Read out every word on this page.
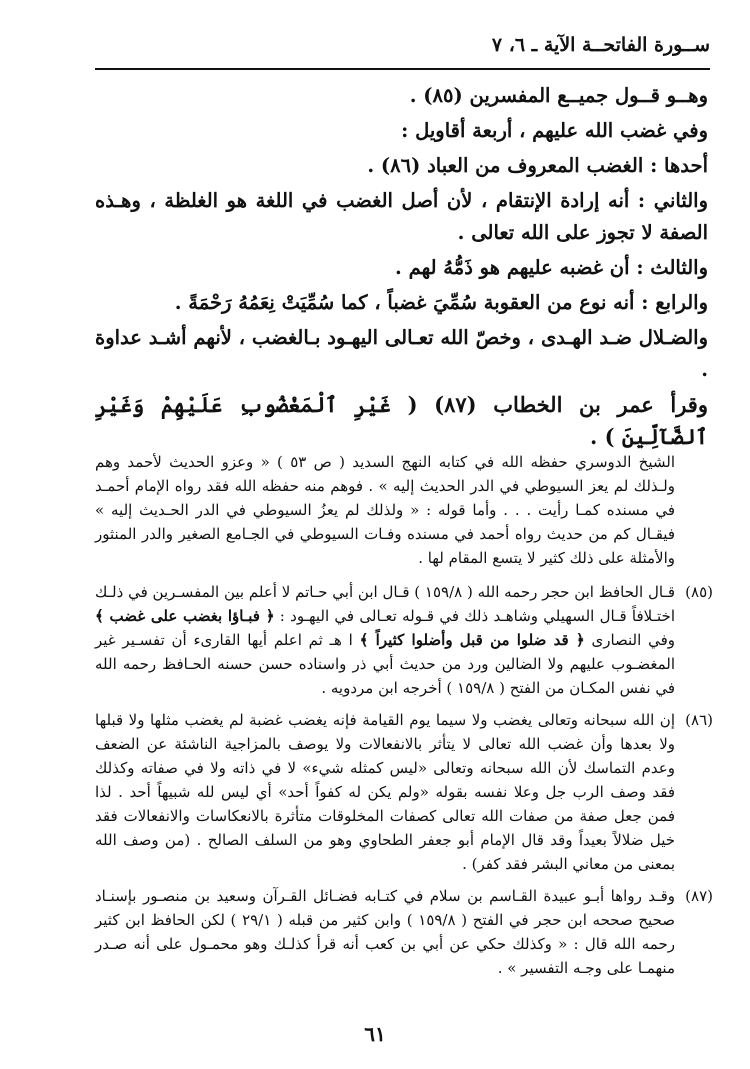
ســورة الفاتحــة الآية ـ ٦، ٧

وهــو قــول جميــع المفسرين (٨٥) .

وفي غضب الله عليهم ، أربعة أقاويل :

أحدها : الغضب المعروف من العباد (٨٦) .

والثاني : أنه إرادة الإنتقام ، لأن أصل الغضب في اللغة هو الغلظة ، وهـذه الصفة لا تجوز على الله تعالى .

والثالث : أن غضبه عليهم هو ذَمُّهُ لهم .

والرابع : أنه نوع من العقوبة سُمِّيَ غضباً ، كما سُمِّيَتْ نِعَمُهُ رَحْمَةً .

والضـلال ضـد الهـدى ، وخصّ الله تعـالى اليهـود بـالغضب ، لأنهم أشـد عداوة .

وقرأ عمر بن الخطاب (٨٧) ( غَيْرِ ٱلْمَغْضُوبِ عَلَيْهِمْ وَغَيْرِ ٱلضَّآلِّينَ ) .

الشيخ الدوسري حفظه الله في كتابه النهج السديد ( ص ٥٣ ) « وعزو الحديث لأحمد وهم ولـذلك لم يعز السيوطي في الدر الحديث إليه » . فوهم منه حفظه الله فقد رواه الإمام أحمـد في مسنده كمـا رأيت . . . وأما قوله : « ولذلك لم يعزُ السيوطي في الدر الحـديث إليه » فيقـال كم من حديث رواه أحمد في مسنده وفـات السيوطي في الجـامع الصغير والدر المنثور والأمثلة على ذلك كثير لا يتسع المقام لها .

(٨٥)
قـال الحافظ ابن حجر رحمه الله ( ١٥٩/٨ ) قـال ابن أبي حـاتم لا أعلم بين المفسـرين في ذلـك اختـلافاً قـال السهيلي وشاهـد ذلك في قـوله تعـالى في اليهـود : ﴿ فبـاؤا بغضب على غضب ﴾ وفي النصارى ﴿ قد ضلوا من قبل وأضلوا كثيراً ﴾ ا هـ ثم اعلم أيها القارىء أن تفسـير غير المغضـوب عليهم ولا الضالين ورد من حديث أبي ذر واسناده حسن حسنه الحـافظ رحمه الله في نفس المكـان من الفتح ( ١٥٩/٨ ) أخرجه ابن مردويه .
(٨٦)
إن الله سبحانه وتعالى يغضب ولا سيما يوم القيامة فإنه يغضب غضبة لم يغضب مثلها ولا قبلها ولا بعدها وأن غضب الله تعالى لا يتأثر بالانفعالات ولا يوصف بالمزاجية الناشئة عن الضعف وعدم التماسك لأن الله سبحانه وتعالى «ليس كمثله شيء» لا في ذاته ولا في صفاته وكذلك فقد وصف الرب جل وعلا نفسه بقوله «ولم يكن له كفواً أحد» أي ليس لله شبيهاً أحد . لذا فمن جعل صفة من صفات الله تعالى كصفات المخلوقات متأثرة بالانعكاسات والانفعالات فقد خيل ضلالاً بعيداً وقد قال الإمام أبو جعفر الطحاوي وهو من السلف الصالح . (من وصف الله بمعنى من معاني البشر فقد كفر) .
(٨٧)
وقـد رواها أبـو عبيدة القـاسم بن سلام في كتـابه فضـائل القـرآن وسعيد بن منصـور بإسنـاد صحيح صححه ابن حجر في الفتح ( ١٥٩/٨ ) وابن كثير من قبله ( ٢٩/١ ) لكن الحافظ ابن كثير رحمه الله قال : « وكذلك حكي عن أبي بن كعب أنه قرأ كذلـك وهو محمـول على أنه صـدر منهمـا على وجـه التفسير » .
٦١
